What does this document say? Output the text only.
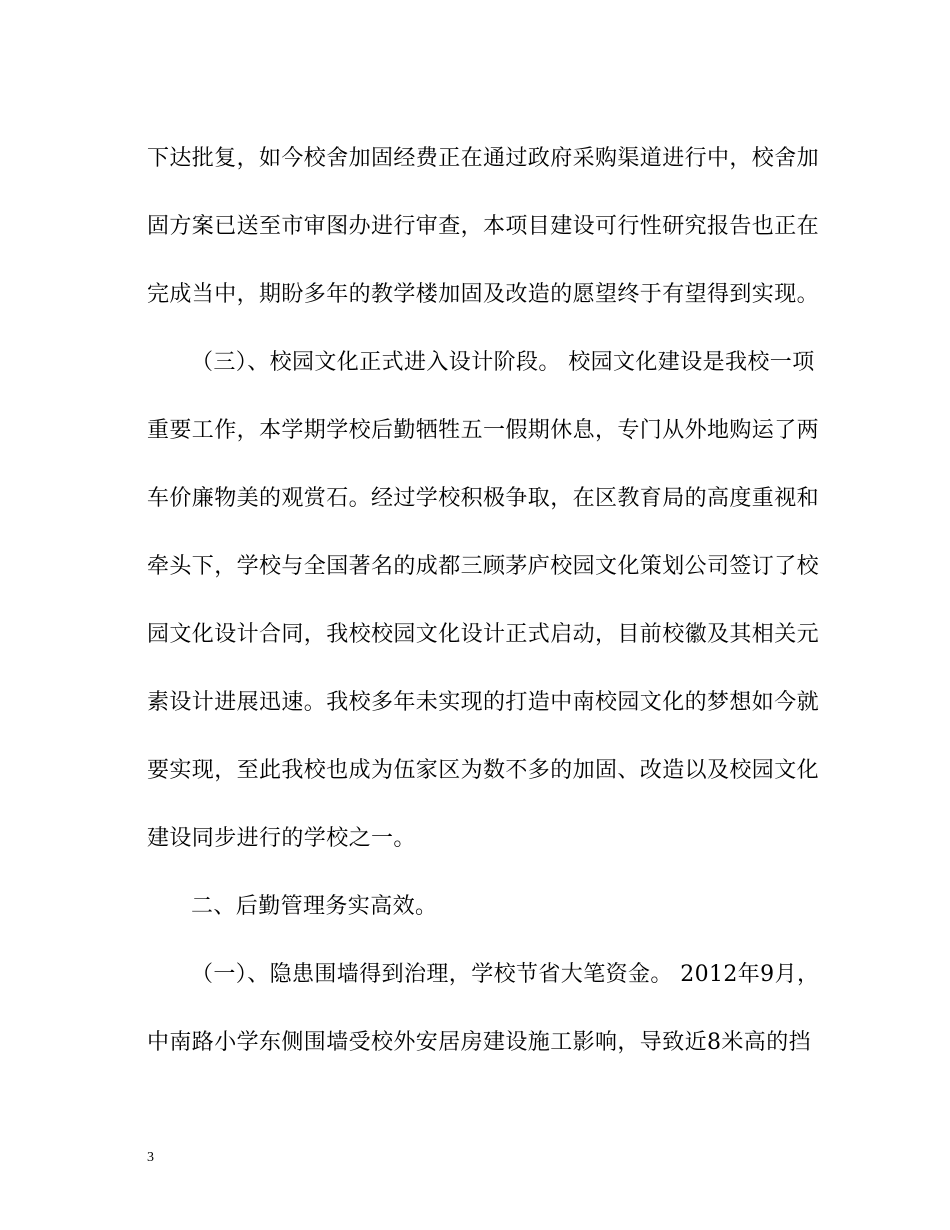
下达批复，如今校舍加固经费正在通过政府采购渠道进行中，校舍加
固方案已送至市审图办进行审查，本项目建设可行性研究报告也正在
完成当中，期盼多年的教学楼加固及改造的愿望终于有望得到实现。
（三）、校园文化正式进入设计阶段。 校园文化建设是我校一项
重要工作，本学期学校后勤牺牲五一假期休息，专门从外地购运了两
车价廉物美的观赏石。经过学校积极争取，在区教育局的高度重视和
牵头下，学校与全国著名的成都三顾茅庐校园文化策划公司签订了校
园文化设计合同，我校校园文化设计正式启动，目前校徽及其相关元
素设计进展迅速。我校多年未实现的打造中南校园文化的梦想如今就
要实现，至此我校也成为伍家区为数不多的加固、改造以及校园文化
建设同步进行的学校之一。
二、后勤管理务实高效。
（一）、隐患围墙得到治理，学校节省大笔资金。 2012年9月，
中南路小学东侧围墙受校外安居房建设施工影响，导致近8米高的挡
3
